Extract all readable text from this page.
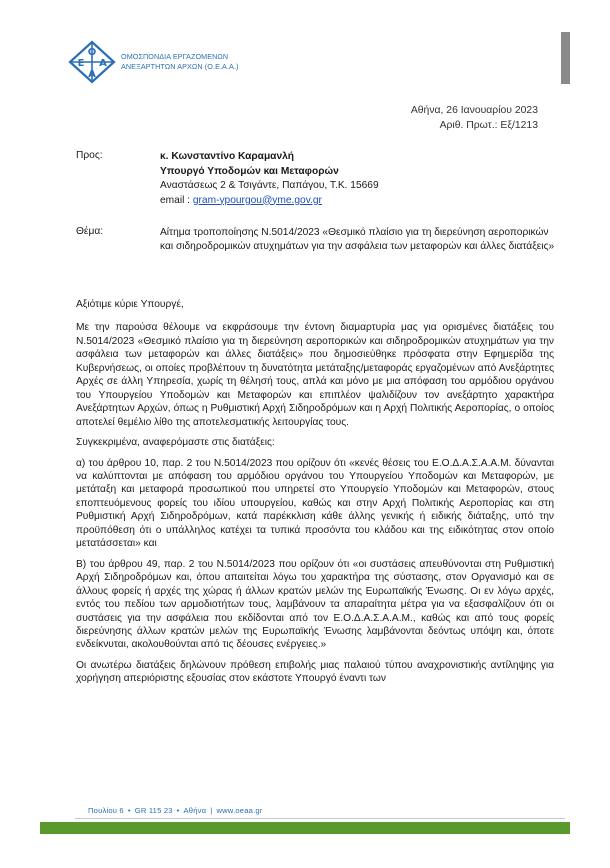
Ο
Ε Α
Α
ΟΜΟΣΠΟΝΔΙΑ ΕΡΓΑΖΟΜΕΝΩΝ
ΑΝΕΞΑΡΤΗΤΩΝ ΑΡΧΩΝ (Ο.Ε.Α.Α.)
Αθήνα, 26 Ιανουαρίου 2023
Αριθ. Πρωτ.: Εξ/1213
Προς:	κ. Κωνσταντίνο Καραμανλή
Υπουργό Υποδομών και Μεταφορών
Αναστάσεως 2 & Τσιγάντε, Παπάγου, Τ.Κ. 15669
email : gram-ypourgou@yme.gov.gr
Θέμα:	Αίτημα τροποποίησης Ν.5014/2023 «Θεσμικό πλαίσιο για τη διερεύνηση αεροπορικών και σιδηροδρομικών ατυχημάτων για την ασφάλεια των μεταφορών και άλλες διατάξεις»

Αξιότιμε κύριε Υπουργέ,

Με την παρούσα θέλουμε να εκφράσουμε την έντονη διαμαρτυρία μας για ορισμένες διατάξεις του Ν.5014/2023 «Θεσμικό πλαίσιο για τη διερεύνηση αεροπορικών και σιδηροδρομικών ατυχημάτων για την ασφάλεια των μεταφορών και άλλες διατάξεις» που δημοσιεύθηκε πρόσφατα στην Εφημερίδα της Κυβερνήσεως, οι οποίες προβλέπουν τη δυνατότητα μετάταξης/μεταφοράς εργαζομένων από Ανεξάρτητες Αρχές σε άλλη Υπηρεσία, χωρίς τη θέλησή τους, απλά και μόνο με μια απόφαση του αρμόδιου οργάνου του Υπουργείου Υποδομών και Μεταφορών και επιπλέον ψαλιδίζουν τον ανεξάρτητο χαρακτήρα Ανεξάρτητων Αρχών, όπως η Ρυθμιστική Αρχή Σιδηροδρόμων και η Αρχή Πολιτικής Αεροπορίας, ο οποίος αποτελεί θεμέλιο λίθο της αποτελεσματικής λειτουργίας τους.

Συγκεκριμένα, αναφερόμαστε στις διατάξεις:

α) του άρθρου 10, παρ. 2 του Ν.5014/2023 που ορίζουν ότι «κενές θέσεις του Ε.Ο.Δ.Α.Σ.Α.Α.Μ. δύνανται να καλύπτονται με απόφαση του αρμόδιου οργάνου του Υπουργείου Υποδομών και Μεταφορών, με μετάταξη και μεταφορά προσωπικού που υπηρετεί στο Υπουργείο Υποδομών και Μεταφορών, στους εποπτευόμενους φορείς του ιδίου υπουργείου, καθώς και στην Αρχή Πολιτικής Αεροπορίας και στη Ρυθμιστική Αρχή Σιδηροδρόμων, κατά παρέκκλιση κάθε άλλης γενικής ή ειδικής διάταξης, υπό την προϋπόθεση ότι ο υπάλληλος κατέχει τα τυπικά προσόντα του κλάδου και της ειδικότητας στον οποίο μετατάσσεται» και

Β) του άρθρου 49, παρ. 2 του Ν.5014/2023 που ορίζουν ότι «οι συστάσεις απευθύνονται στη Ρυθμιστική Αρχή Σιδηροδρόμων και, όπου απαιτείται λόγω του χαρακτήρα της σύστασης, στον Οργανισμό και σε άλλους φορείς ή αρχές της χώρας ή άλλων κρατών μελών της Ευρωπαϊκής Ένωσης. Οι εν λόγω αρχές, εντός του πεδίου των αρμοδιοτήτων τους, λαμβάνουν τα απαραίτητα μέτρα για να εξασφαλίζουν ότι οι συστάσεις για την ασφάλεια που εκδίδονται από τον Ε.Ο.Δ.Α.Σ.Α.Α.Μ., καθώς και από τους φορείς διερεύνησης άλλων κρατών μελών της Ευρωπαϊκής Ένωσης λαμβάνονται δεόντως υπόψη και, όποτε ενδείκνυται, ακολουθούνται από τις δέουσες ενέργειες.»

Οι ανωτέρω διατάξεις δηλώνουν πρόθεση επιβολής μιας παλαιού τύπου αναχρονιστικής αντίληψης για χορήγηση απεριόριστης εξουσίας στον εκάστοτε Υπουργό έναντι των

Πουλίου 6 • GR 115 23 • Αθήνα | www.oeaa.gr
